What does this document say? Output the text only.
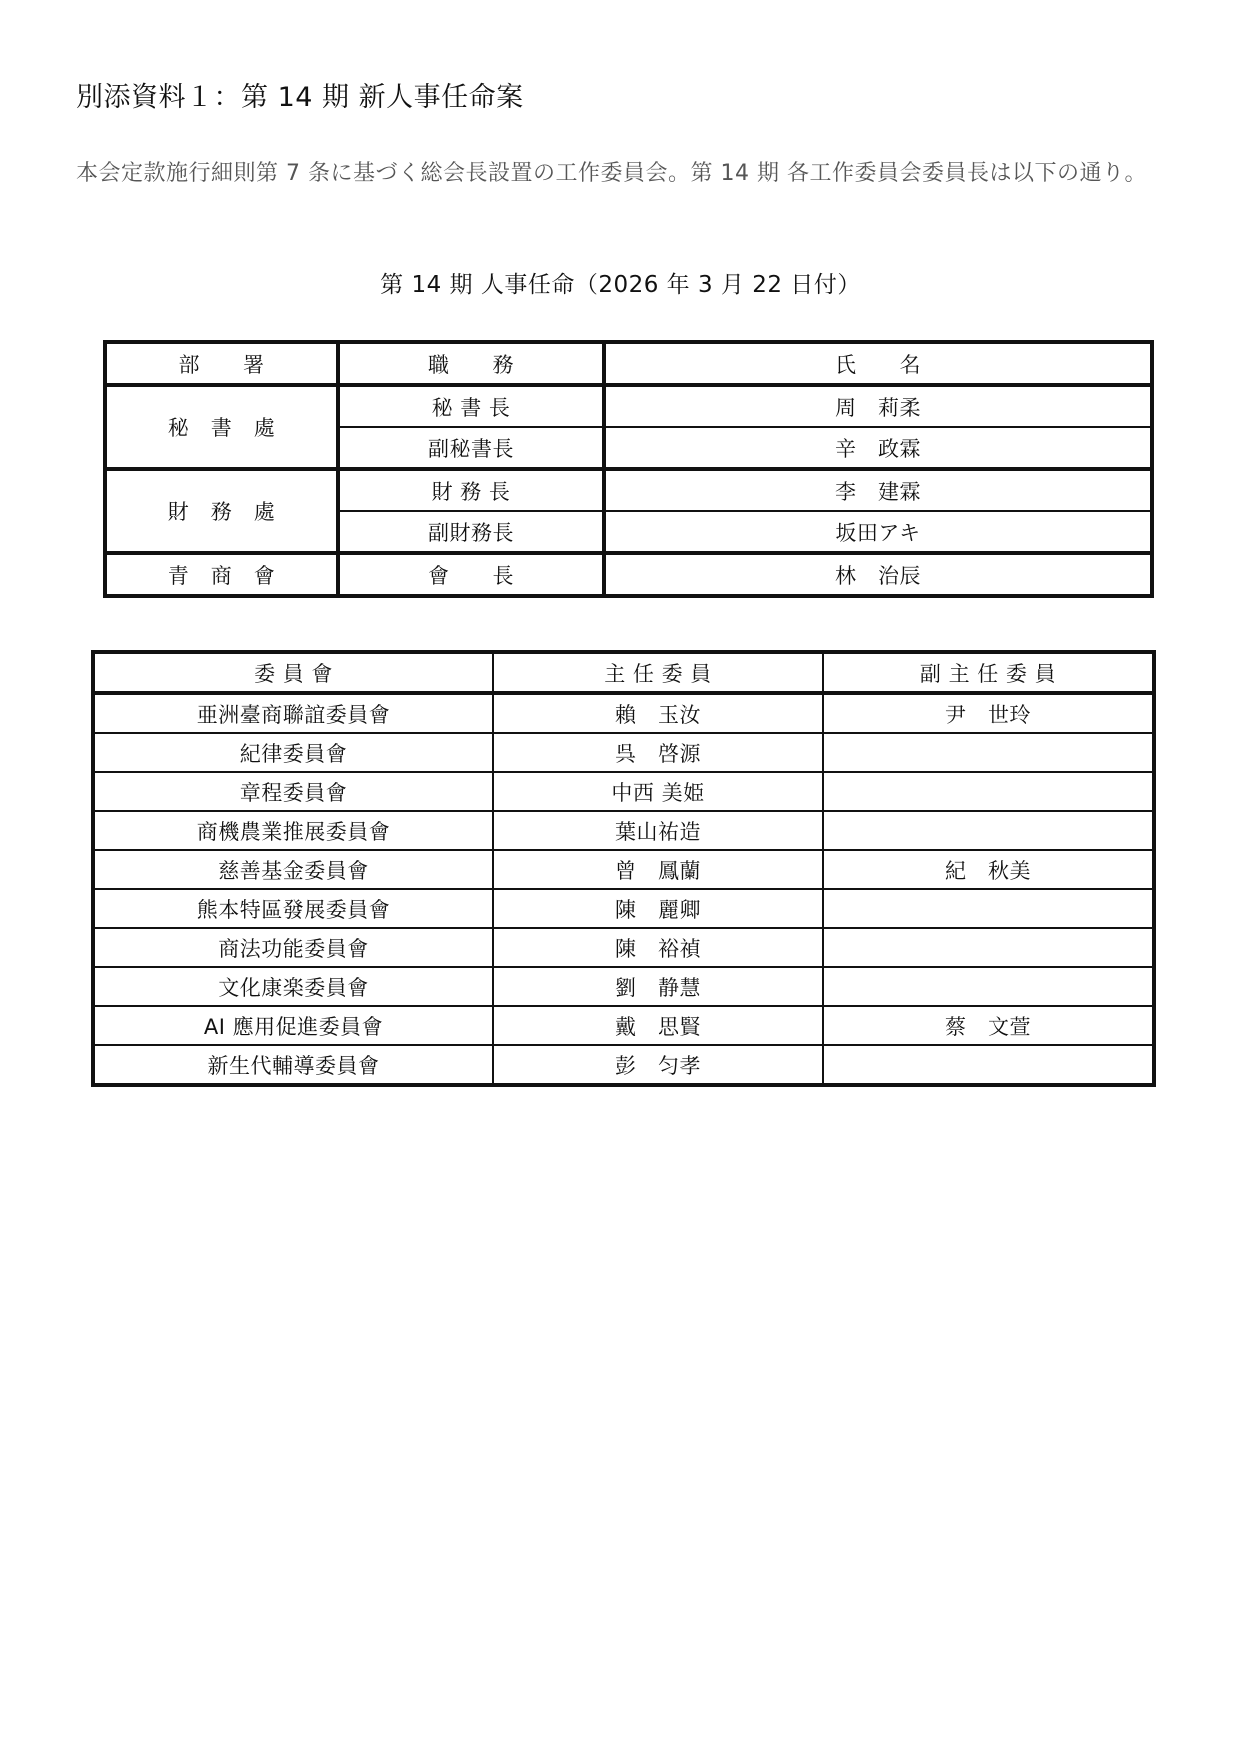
別添資料１：第 14 期 新人事任命案

本会定款施行細則第 7 条に基づく総会長設置の工作委員会。第 14 期 各工作委員会委員長は以下の通り。

第 14 期 人事任命（2026 年 3 月 22 日付）
部　　署	職　　務	氏　　名
秘　書　處	秘 書 長	周　莉柔
	副秘書長	辛　政霖
財　務　處	財 務 長	李　建霖
	副財務長	坂田アキ
青　商　會	會　　長	林　治辰
委 員 會	主 任 委 員	副 主 任 委 員
亜洲臺商聯誼委員會	賴　玉汝	尹　世玲
紀律委員會	呉　啓源	
章程委員會	中西 美姫	
商機農業推展委員會	葉山祐造	
慈善基金委員會	曾　鳳蘭	紀　秋美
熊本特區發展委員會	陳　麗卿	
商法功能委員會	陳　裕禎	
文化康楽委員會	劉　静慧	
AI 應用促進委員會	戴　思賢	蔡　文萱
新生代輔導委員會	彭　匀孝	
